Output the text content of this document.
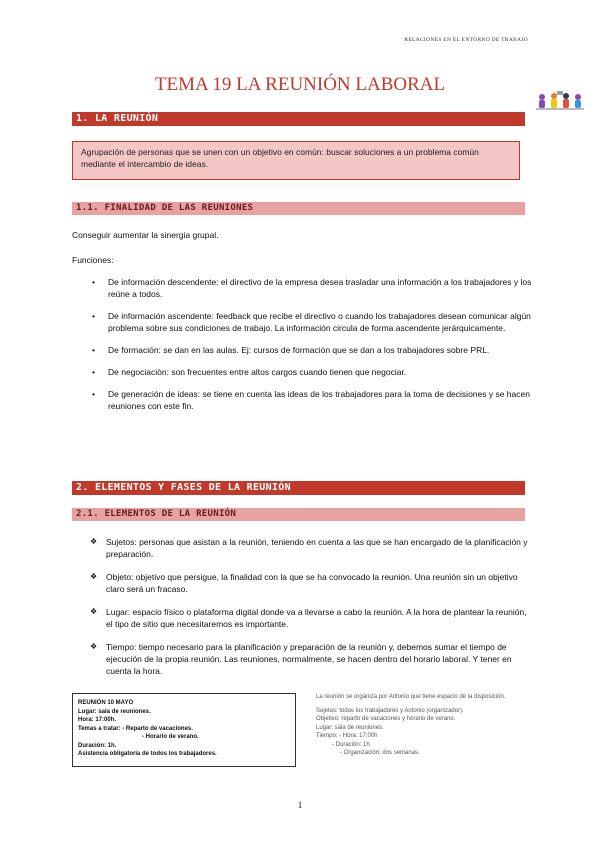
RELACIONES EN EL ENTORNO DE TRABAJO
TEMA 19 LA REUNIÓN LABORAL
1. LA REUNIÓN
Agrupación de personas que se unen con un objetivo en común: buscar soluciones a un problema común mediante el intercambio de ideas.
1.1. FINALIDAD DE LAS REUNIONES
Conseguir aumentar la sinergia grupal.
Funciones:
• De información descendente: el directivo de la empresa desea trasladar una información a los trabajadores y los reúne a todos.
• De información ascendente: feedback que recibe el directivo o cuando los trabajadores desean comunicar algún problema sobre sus condiciones de trabajo. La información circula de forma ascendente jerárquicamente.
• De formación: se dan en las aulas. Ej: cursos de formación que se dan a los trabajadores sobre PRL.
• De negociación: son frecuentes entre altos cargos cuando tienen que negociar.
• De generación de ideas: se tiene en cuenta las ideas de los trabajadores para la toma de decisiones y se hacen reuniones con este fin.
2. ELEMENTOS Y FASES DE LA REUNIÓN
2.1. ELEMENTOS DE LA REUNIÓN
❖ Sujetos: personas que asistan a la reunión, teniendo en cuenta a las que se han encargado de la planificación y preparación.
❖ Objeto: objetivo que persigue, la finalidad con la que se ha convocado la reunión. Una reunión sin un objetivo claro será un fracaso.
❖ Lugar: espacio físico o plataforma digital donde va a llevarse a cabo la reunión. A la hora de plantear la reunión, el tipo de sitio que necesitaremos es importante.
❖ Tiempo: tiempo necesario para la planificación y preparación de la reunión y, debemos sumar el tiempo de ejecución de la propia reunión. Las reuniones, normalmente, se hacen dentro del horario laboral. Y tener en cuenta la hora.
REUNIÓN 10 MAYO
Lugar: sala de reuniones.
Hora: 17:00h.
Temas a tratar: - Reparto de vacaciones.
- Horario de verano.
Duración: 1h.
Asistencia obligatoria de todos los trabajadores.
La reunión se organiza por Antonio que tiene espacio de la disposición.
Sujetos: todos los trabajadores y Antonio (organizador).
Objetivo: reparto de vacaciones y horario de verano.
Lugar: sala de reuniones.
Tiempo: - Hora: 17:00h
- Duración: 1h
- Organización: dos semanas.
1
